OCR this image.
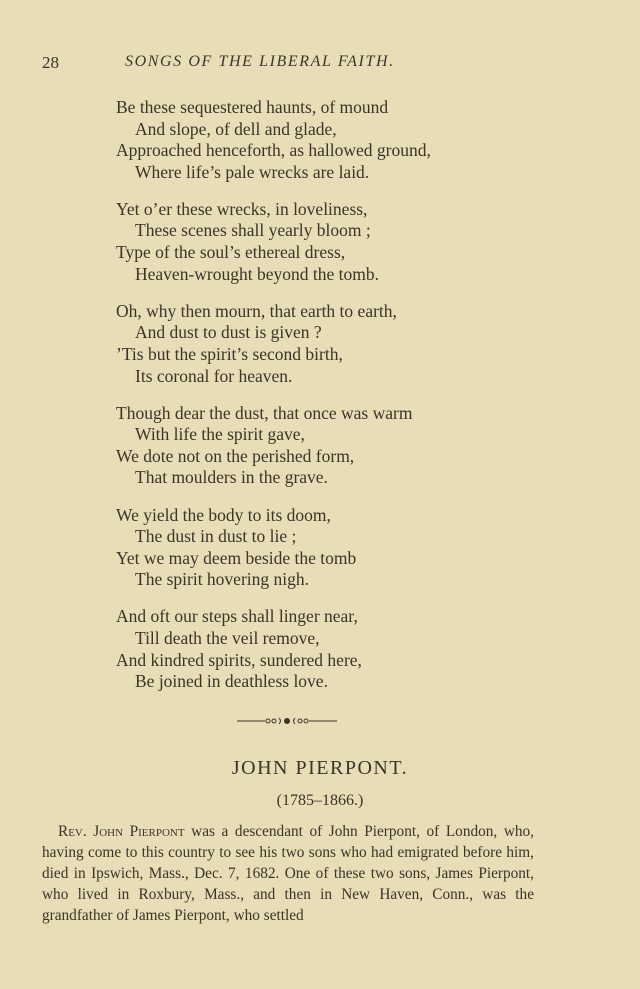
28	SONGS OF THE LIBERAL FAITH.
Be these sequestered haunts, of mound
And slope, of dell and glade,
Approached henceforth, as hallowed ground,
Where life’s pale wrecks are laid.
Yet o’er these wrecks, in loveliness,
These scenes shall yearly bloom ;
Type of the soul’s ethereal dress,
Heaven-wrought beyond the tomb.
Oh, why then mourn, that earth to earth,
And dust to dust is given ?
’Tis but the spirit’s second birth,
Its coronal for heaven.
Though dear the dust, that once was warm
With life the spirit gave,
We dote not on the perished form,
That moulders in the grave.
We yield the body to its doom,
The dust in dust to lie ;
Yet we may deem beside the tomb
The spirit hovering nigh.
And oft our steps shall linger near,
Till death the veil remove,
And kindred spirits, sundered here,
Be joined in deathless love.
JOHN PIERPONT.
(1785–1866.)
Rev. John Pierpont was a descendant of John Pierpont, of London, who, having come to this country to see his two sons who had emigrated before him, died in Ipswich, Mass., Dec. 7, 1682. One of these two sons, James Pierpont, who lived in Roxbury, Mass., and then in New Haven, Conn., was the grandfather of James Pierpont, who settled
